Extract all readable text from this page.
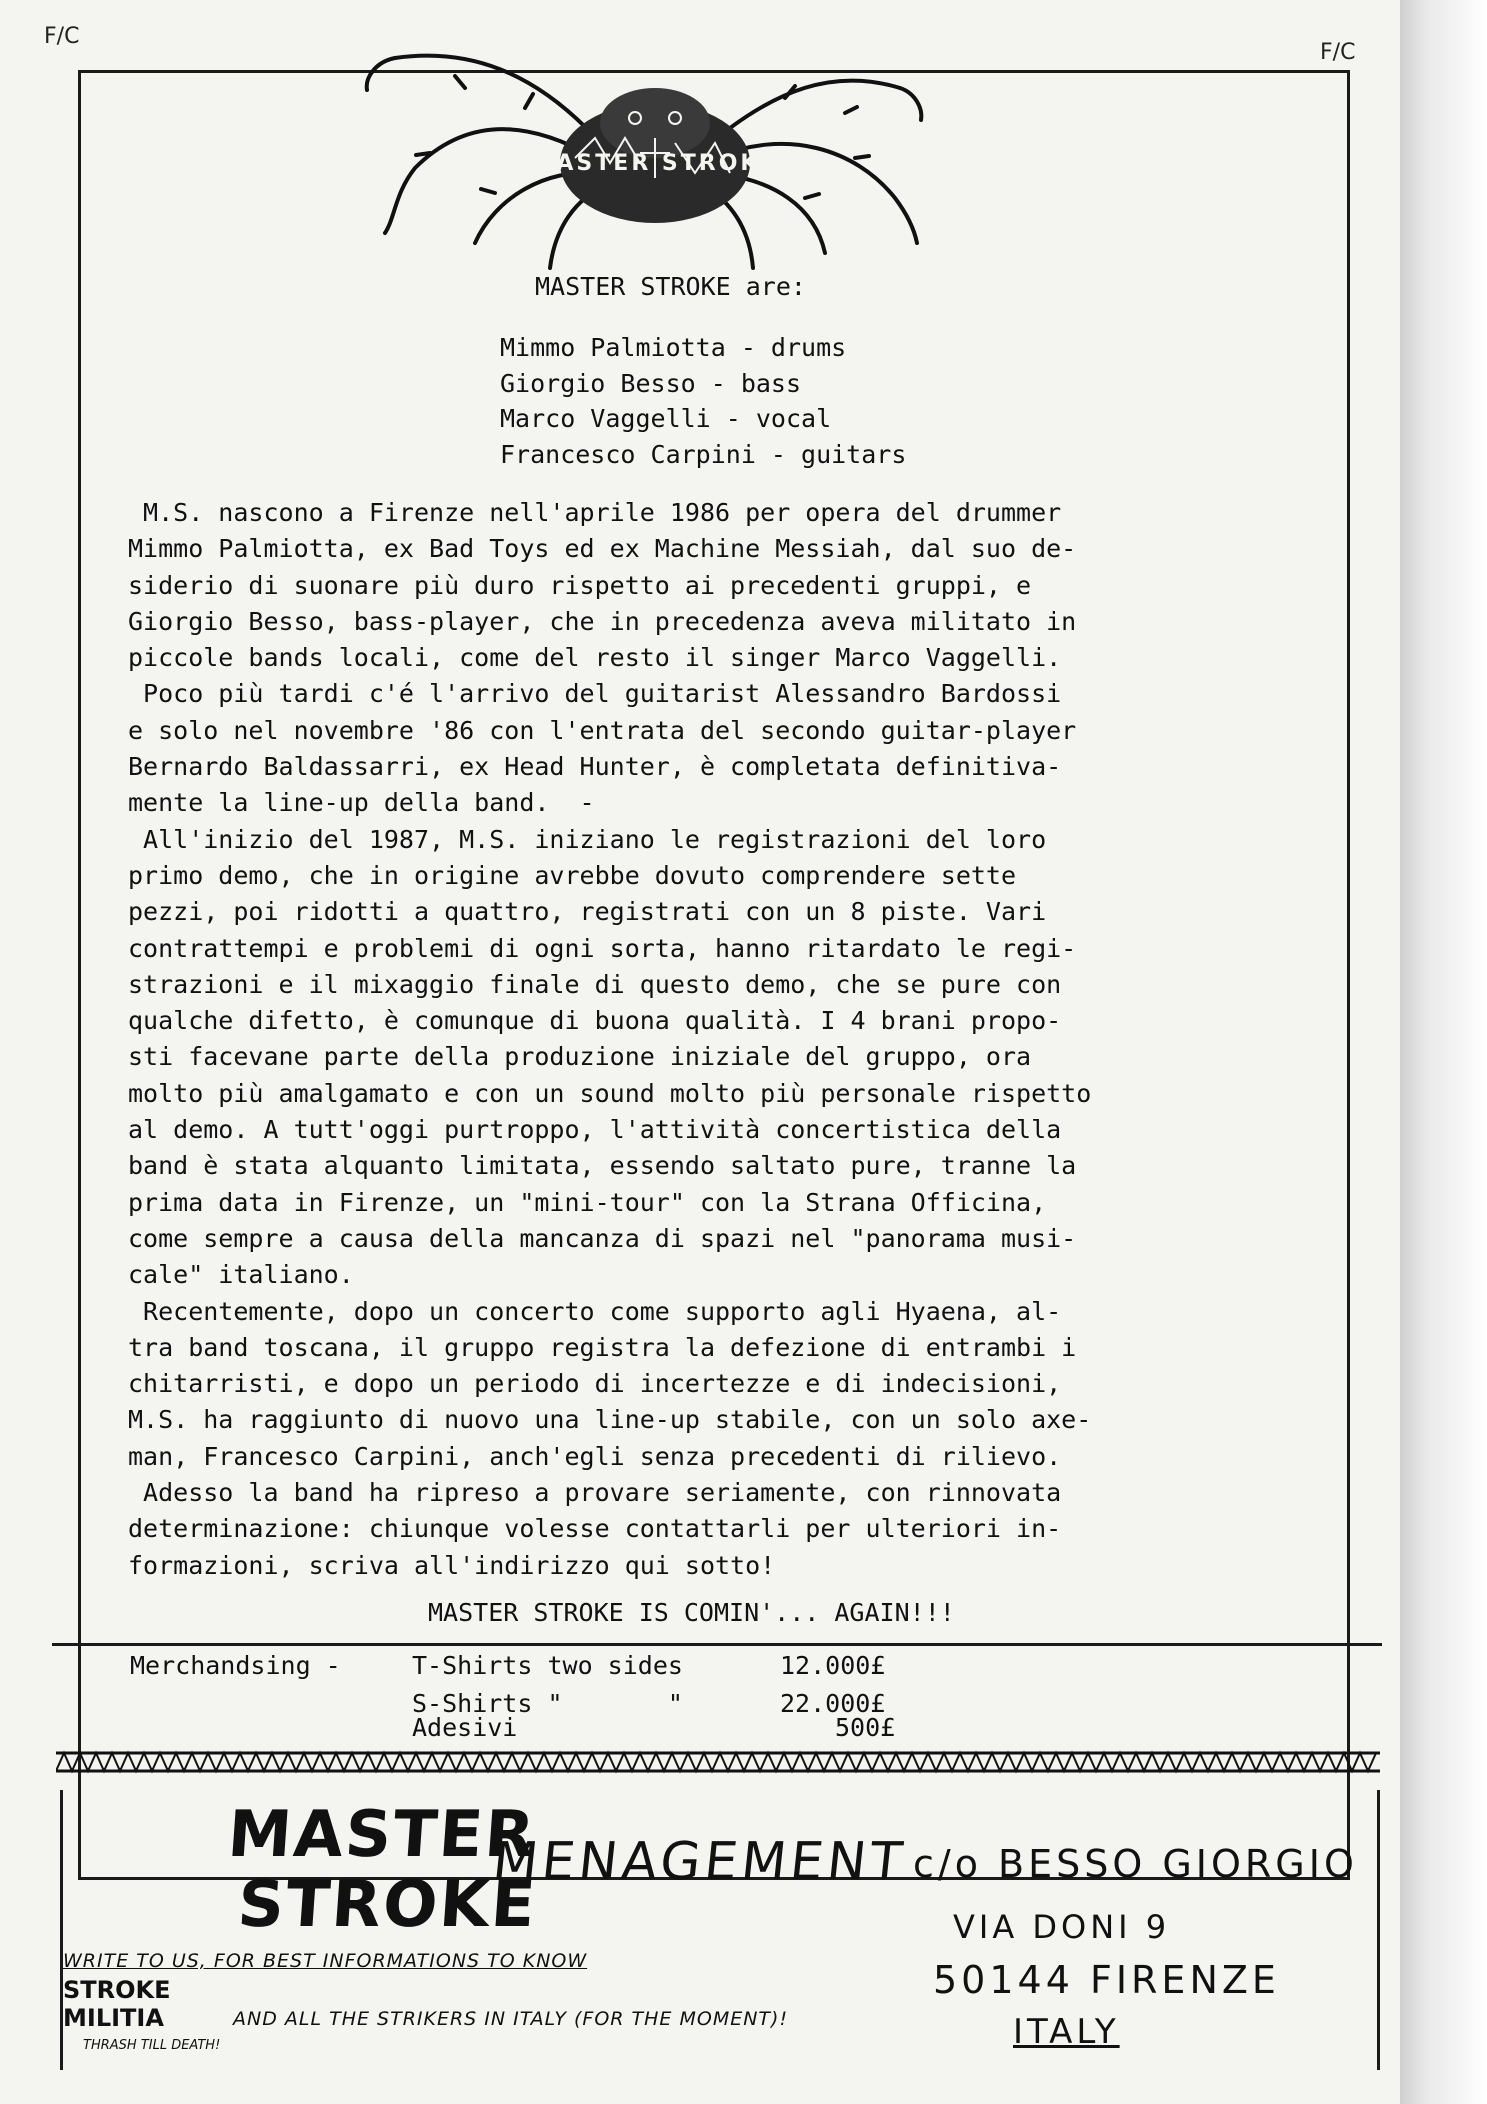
F/C
F/C
MASTER STROKE
MASTER STROKE are:
Mimmo Palmiotta - drums
Giorgio Besso - bass
Marco Vaggelli - vocal
Francesco Carpini - guitars
M.S. nascono a Firenze nell'aprile 1986 per opera del drummer
Mimmo Palmiotta, ex Bad Toys ed ex Machine Messiah, dal suo de-
siderio di suonare più duro rispetto ai precedenti gruppi, e
Giorgio Besso, bass-player, che in precedenza aveva militato in
piccole bands locali, come del resto il singer Marco Vaggelli.
Poco più tardi c'é l'arrivo del guitarist Alessandro Bardossi
e solo nel novembre '86 con l'entrata del secondo guitar-player
Bernardo Baldassarri, ex Head Hunter, è completata definitiva-
mente la line-up della band.  -
All'inizio del 1987, M.S. iniziano le registrazioni del loro
primo demo, che in origine avrebbe dovuto comprendere sette
pezzi, poi ridotti a quattro, registrati con un 8 piste. Vari
contrattempi e problemi di ogni sorta, hanno ritardato le regi-
strazioni e il mixaggio finale di questo demo, che se pure con
qualche difetto, è comunque di buona qualità. I 4 brani propo-
sti facevane parte della produzione iniziale del gruppo, ora
molto più amalgamato e con un sound molto più personale rispetto
al demo. A tutt'oggi purtroppo, l'attività concertistica della
band è stata alquanto limitata, essendo saltato pure, tranne la
prima data in Firenze, un "mini-tour" con la Strana Officina,
come sempre a causa della mancanza di spazi nel "panorama musi-
cale" italiano.
Recentemente, dopo un concerto come supporto agli Hyaena, al-
tra band toscana, il gruppo registra la defezione di entrambi i
chitarristi, e dopo un periodo di incertezze e di indecisioni,
M.S. ha raggiunto di nuovo una line-up stabile, con un solo axe-
man, Francesco Carpini, anch'egli senza precedenti di rilievo.
Adesso la band ha ripreso a provare seriamente, con rinnovata
determinazione: chiunque volesse contattarli per ulteriori in-
formazioni, scriva all'indirizzo qui sotto!
MASTER STROKE IS COMIN'... AGAIN!!!
Merchandsing -	T-Shirts two sides	12.000£
S-Shirts "       "	22.000£
Adesivi	500£
MASTER
STROKE
MENAGEMENT c/o BESSO GIORGIO
VIA DONI 9
50144 FIRENZE
ITALY
WRITE TO US, FOR BEST INFORMATIONS TO KNOW
AND ALL THE STRIKERS IN ITALY (FOR THE MOMENT)!
STROKE
MILITIA
THRASH TILL DEATH!
